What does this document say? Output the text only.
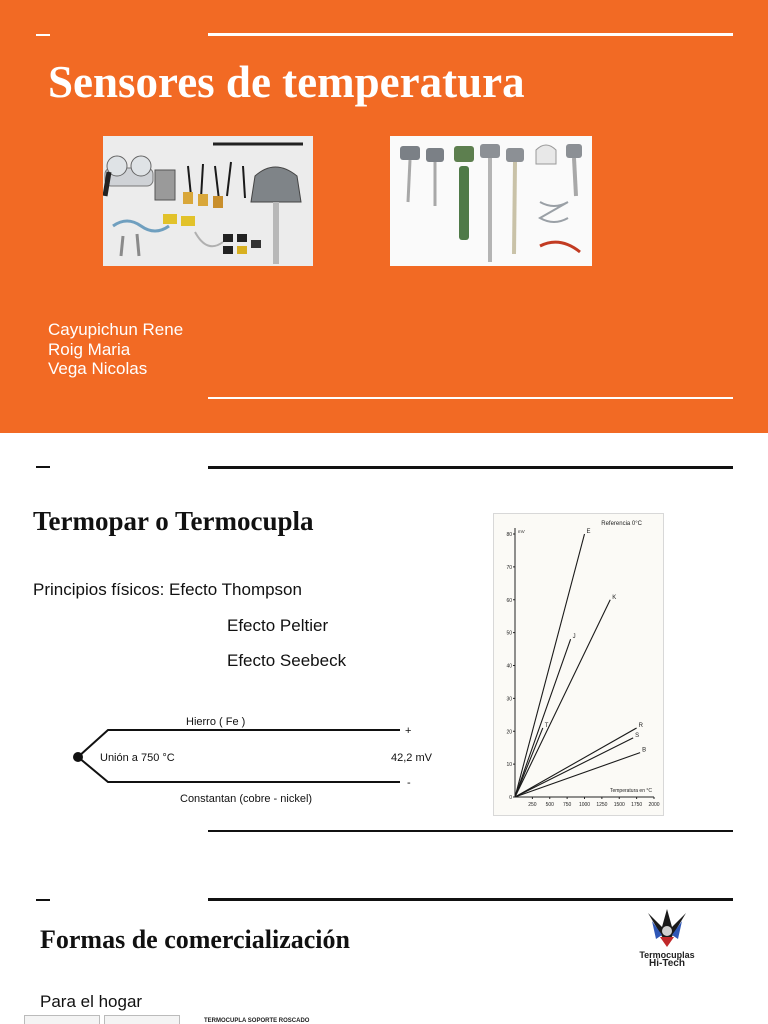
Sensores de temperatura
Cayupichun Rene
Roig Maria
Vega Nicolas
Termopar o Termocupla
Principios físicos: Efecto Thompson
Efecto Peltier
Efecto Seebeck
Hierro ( Fe )
Unión a 750 °C
Constantan (cobre - nickel)
42,2 mV
+
-
0
10
20
30
40
50
60
70
80
250 500 750 1000 1250 1500 1750 2000
mV
Temperatura en °C
Referencia 0°C
E
J
T
K
R
S
B
Formas de comercialización
Para el hogar
Termocuplas
Hi-Tech
TERMOCUPLA SOPORTE ROSCADO
